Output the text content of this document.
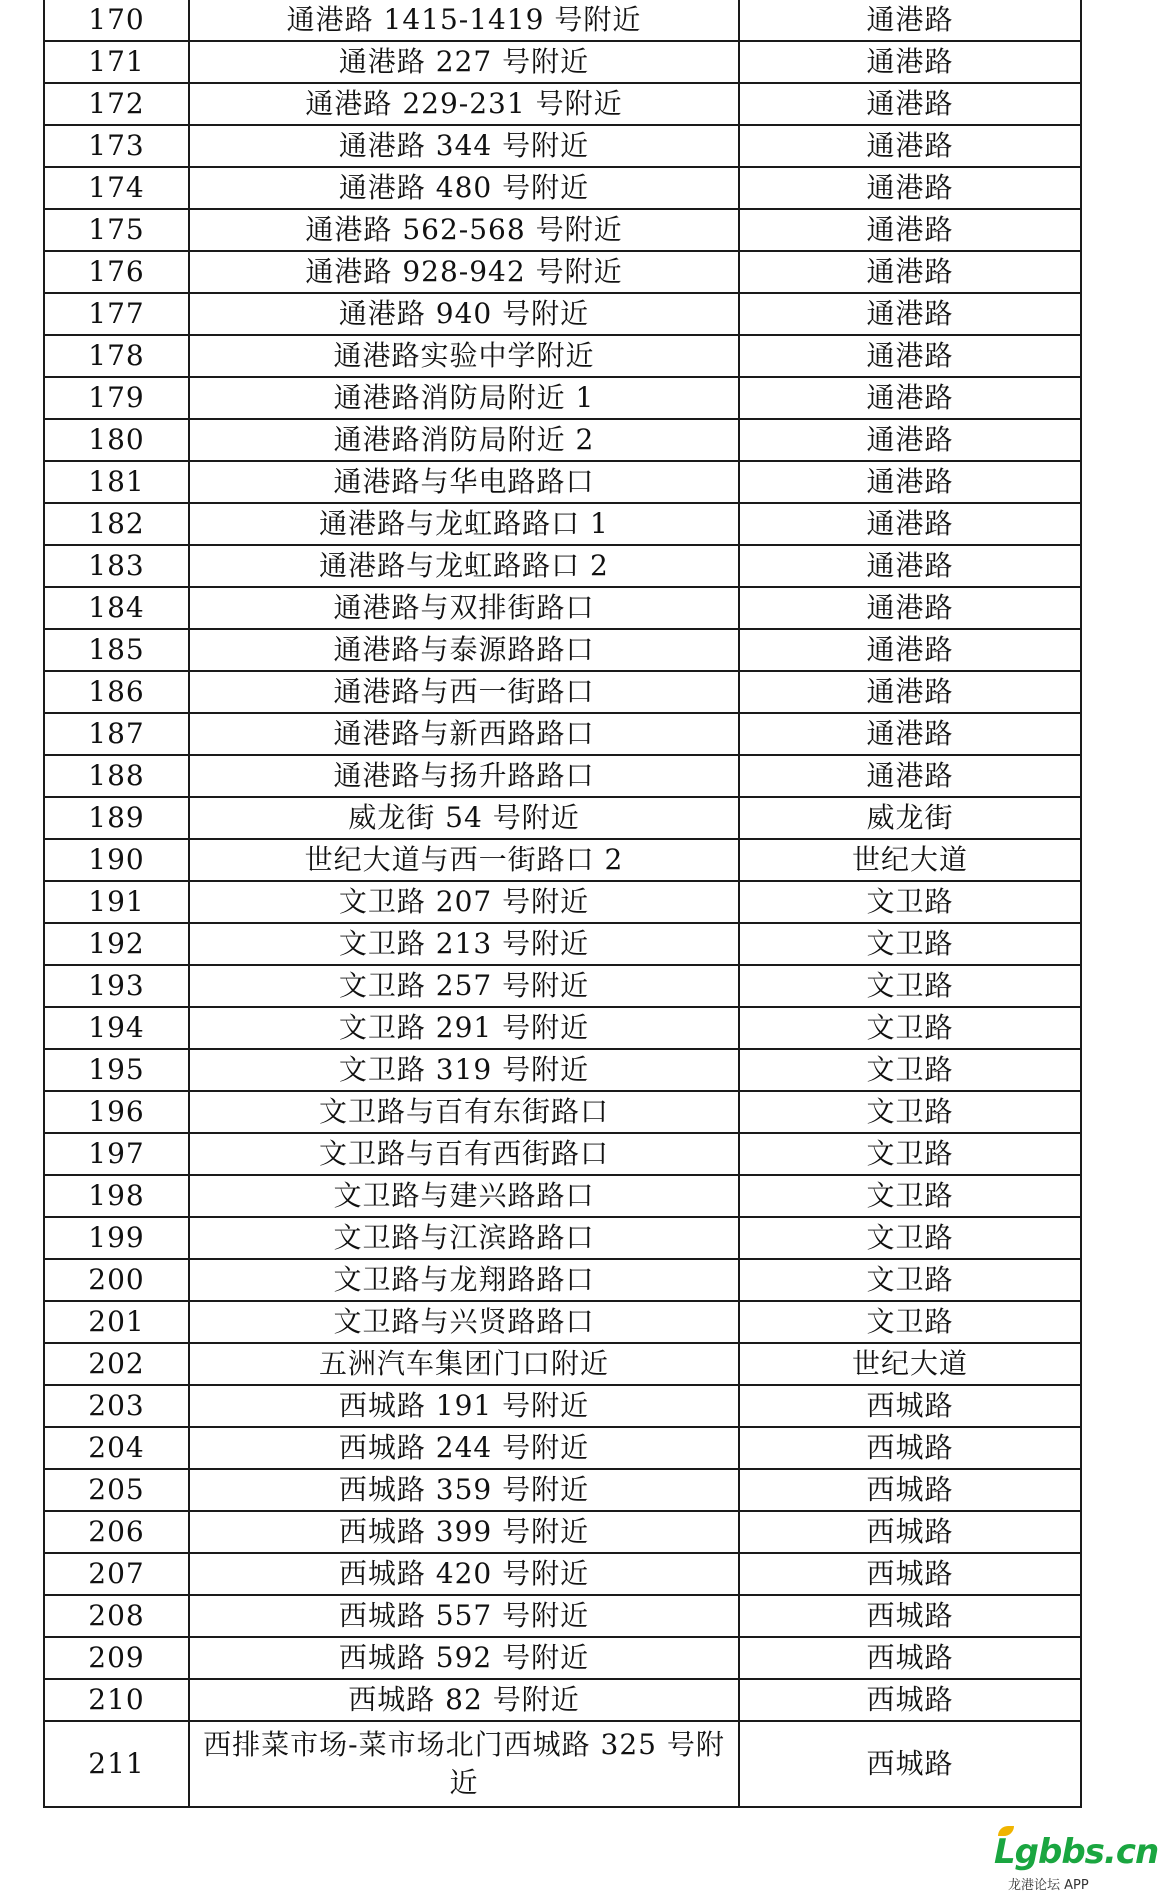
170	通港路 1415-1419 号附近	通港路
171	通港路 227 号附近	通港路
172	通港路 229-231 号附近	通港路
173	通港路 344 号附近	通港路
174	通港路 480 号附近	通港路
175	通港路 562-568 号附近	通港路
176	通港路 928-942 号附近	通港路
177	通港路 940 号附近	通港路
178	通港路实验中学附近	通港路
179	通港路消防局附近 1	通港路
180	通港路消防局附近 2	通港路
181	通港路与华电路路口	通港路
182	通港路与龙虹路路口 1	通港路
183	通港路与龙虹路路口 2	通港路
184	通港路与双排街路口	通港路
185	通港路与泰源路路口	通港路
186	通港路与西一街路口	通港路
187	通港路与新西路路口	通港路
188	通港路与扬升路路口	通港路
189	威龙街 54 号附近	威龙街
190	世纪大道与西一街路口 2	世纪大道
191	文卫路 207 号附近	文卫路
192	文卫路 213 号附近	文卫路
193	文卫路 257 号附近	文卫路
194	文卫路 291 号附近	文卫路
195	文卫路 319 号附近	文卫路
196	文卫路与百有东街路口	文卫路
197	文卫路与百有西街路口	文卫路
198	文卫路与建兴路路口	文卫路
199	文卫路与江滨路路口	文卫路
200	文卫路与龙翔路路口	文卫路
201	文卫路与兴贤路路口	文卫路
202	五洲汽车集团门口附近	世纪大道
203	西城路 191 号附近	西城路
204	西城路 244 号附近	西城路
205	西城路 359 号附近	西城路
206	西城路 399 号附近	西城路
207	西城路 420 号附近	西城路
208	西城路 557 号附近	西城路
209	西城路 592 号附近	西城路
210	西城路 82 号附近	西城路
211	西排菜市场-菜市场北门西城路 325 号附近	西城路
Lgbbs.cn
龙港论坛 APP
